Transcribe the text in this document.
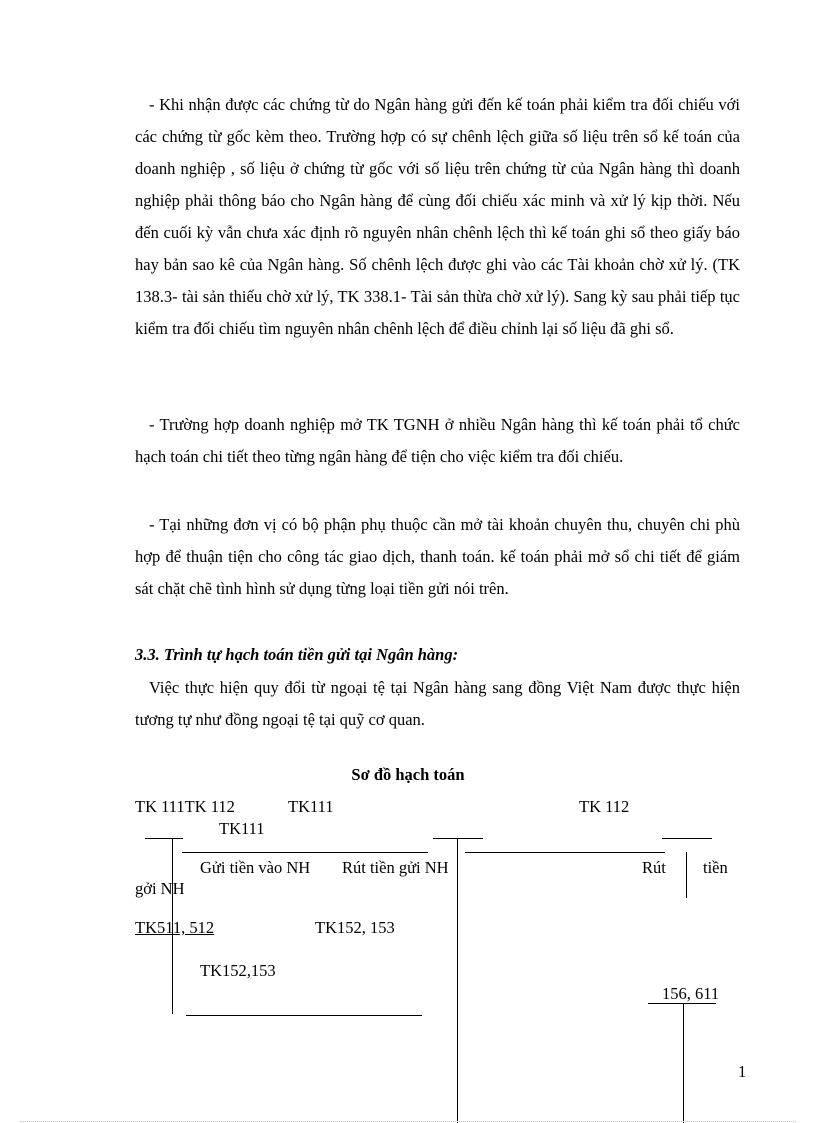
- Khi nhận được các chứng từ do Ngân hàng gửi đến kế toán phải kiểm tra đối chiếu với các chứng từ gốc kèm theo. Trường hợp có sự chênh lệch giữa số liệu trên sổ kế toán của doanh nghiệp , số liệu ở chứng từ gốc với số liệu trên chứng từ của Ngân hàng thì doanh nghiệp phải thông báo cho Ngân hàng để cùng đối chiếu xác minh và xử lý kịp thời. Nếu đến cuối kỳ vẫn chưa xác định rõ nguyên nhân chênh lệch thì kế toán ghi sổ theo giấy báo hay bản sao kê của Ngân hàng. Số chênh lệch được ghi vào các Tài khoản chờ xử lý. (TK 138.3- tài sản thiếu chờ xử lý, TK 338.1- Tài sản thừa chờ xử lý). Sang kỳ sau phải tiếp tục kiểm tra đối chiếu tìm nguyên nhân chênh lệch để điều chỉnh lại số liệu đã ghi sổ.

- Trường hợp doanh nghiệp mở TK TGNH ở nhiều Ngân hàng thì kế toán phải tổ chức hạch toán chi tiết theo từng ngân hàng để tiện cho việc kiểm tra đối chiếu.

- Tại những đơn vị có bộ phận phụ thuộc cần mở tài khoản chuyên thu, chuyên chi phù hợp để thuận tiện cho công tác giao dịch, thanh toán. kế toán phải mở sổ chi tiết để giám sát chặt chẽ tình hình sử dụng từng loại tiền gửi nói trên.

3.3. Trình tự hạch toán tiền gửi tại Ngân hàng:

Việc thực hiện quy đổi từ ngoại tệ tại Ngân hàng sang đồng Việt Nam được thực hiện tương tự như đồng ngoại tệ tại quỹ cơ quan.

Sơ đồ hạch toán

TK 111TK 112	TK111	TK 112
TK111
Gửi tiền vào NH Rút tiền gửi NH	Rút tiền
gởi NH
TK511, 512	TK152, 153
TK152,153
156, 611
1
